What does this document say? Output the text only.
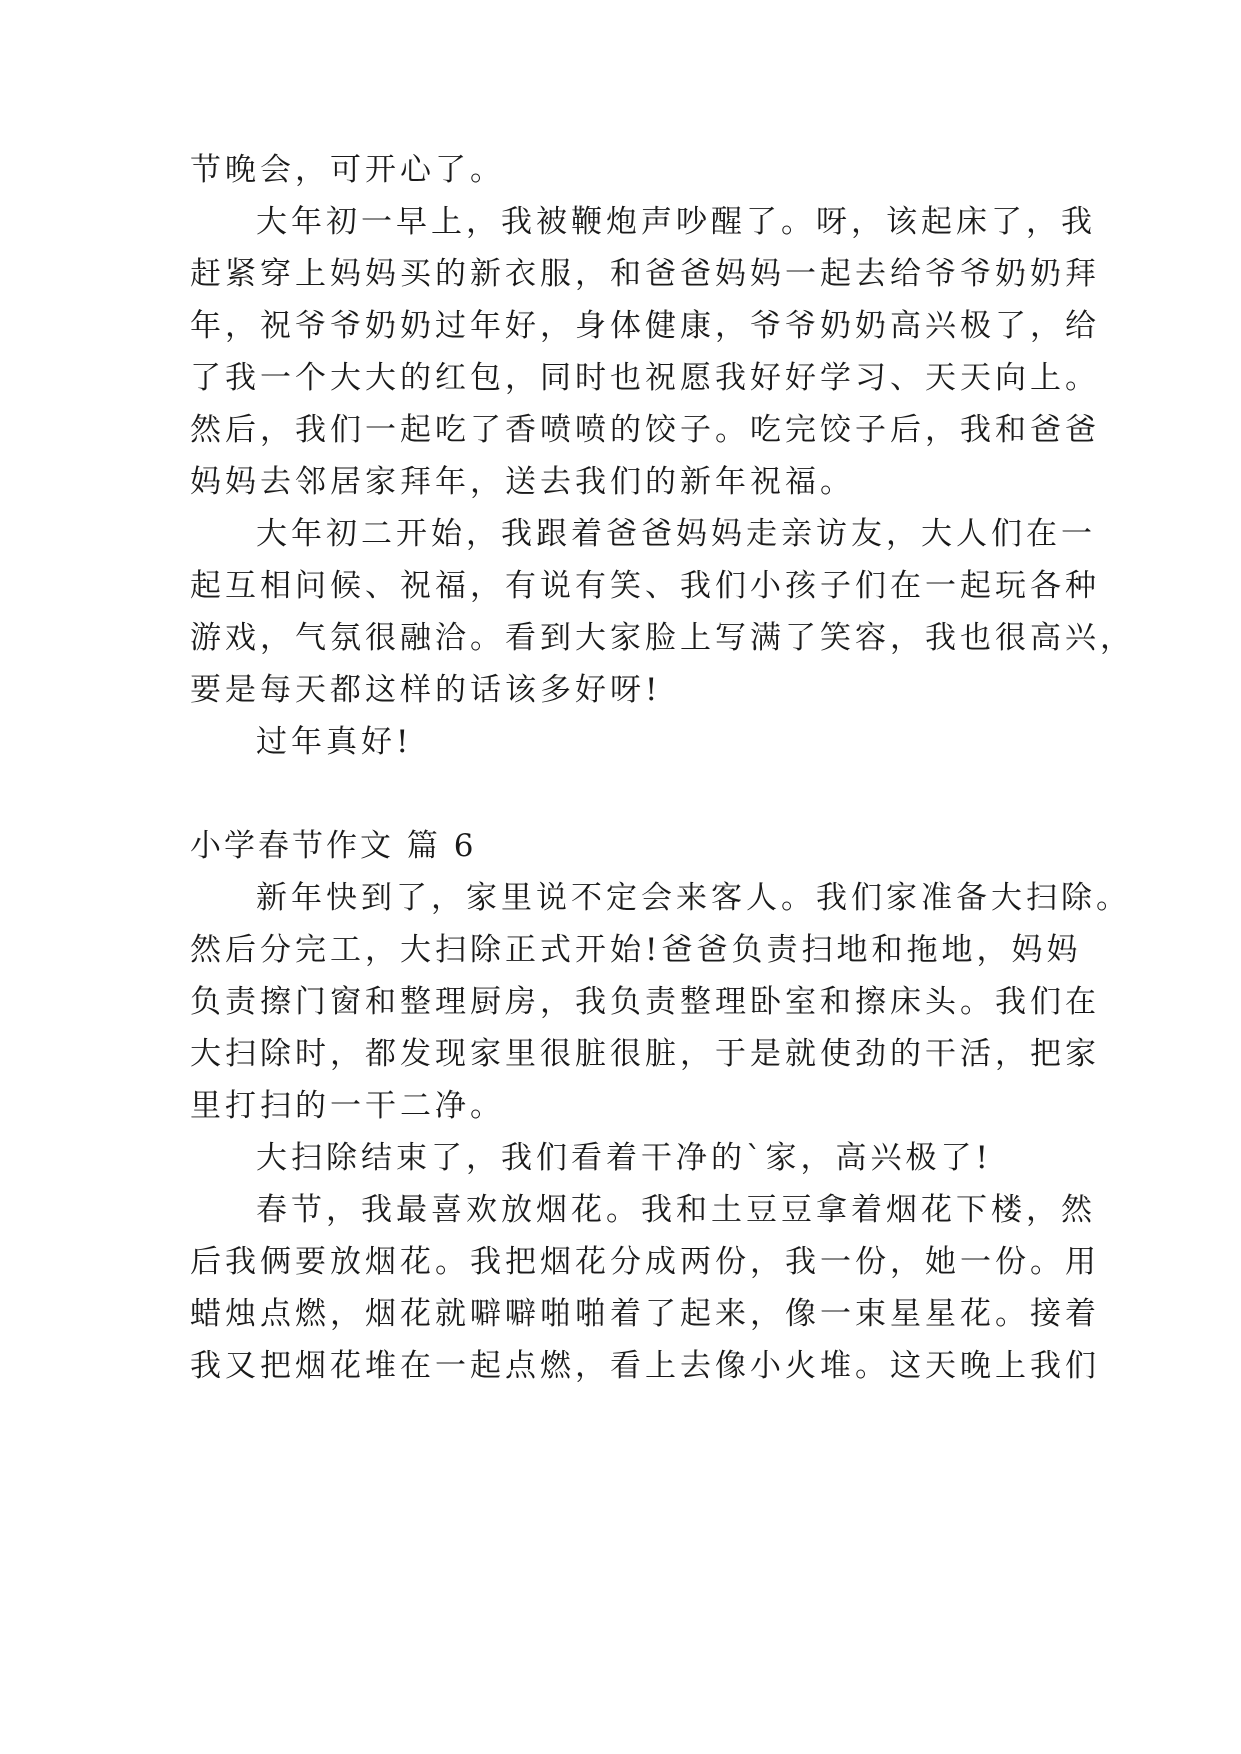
节晚会，可开心了。
大年初一早上，我被鞭炮声吵醒了。呀，该起床了，我
赶紧穿上妈妈买的新衣服，和爸爸妈妈一起去给爷爷奶奶拜
年，祝爷爷奶奶过年好，身体健康，爷爷奶奶高兴极了，给
了我一个大大的红包，同时也祝愿我好好学习、天天向上。
然后，我们一起吃了香喷喷的饺子。吃完饺子后，我和爸爸
妈妈去邻居家拜年，送去我们的新年祝福。
大年初二开始，我跟着爸爸妈妈走亲访友，大人们在一
起互相问候、祝福，有说有笑、我们小孩子们在一起玩各种
游戏，气氛很融洽。看到大家脸上写满了笑容，我也很高兴，
要是每天都这样的话该多好呀!
过年真好!
小学春节作文 篇 6
新年快到了，家里说不定会来客人。我们家准备大扫除。
然后分完工，大扫除正式开始!爸爸负责扫地和拖地，妈妈
负责擦门窗和整理厨房，我负责整理卧室和擦床头。我们在
大扫除时，都发现家里很脏很脏，于是就使劲的干活，把家
里打扫的一干二净。
大扫除结束了，我们看着干净的`家，高兴极了!
春节，我最喜欢放烟花。我和土豆豆拿着烟花下楼，然
后我俩要放烟花。我把烟花分成两份，我一份，她一份。用
蜡烛点燃，烟花就噼噼啪啪着了起来，像一束星星花。接着
我又把烟花堆在一起点燃，看上去像小火堆。这天晚上我们
